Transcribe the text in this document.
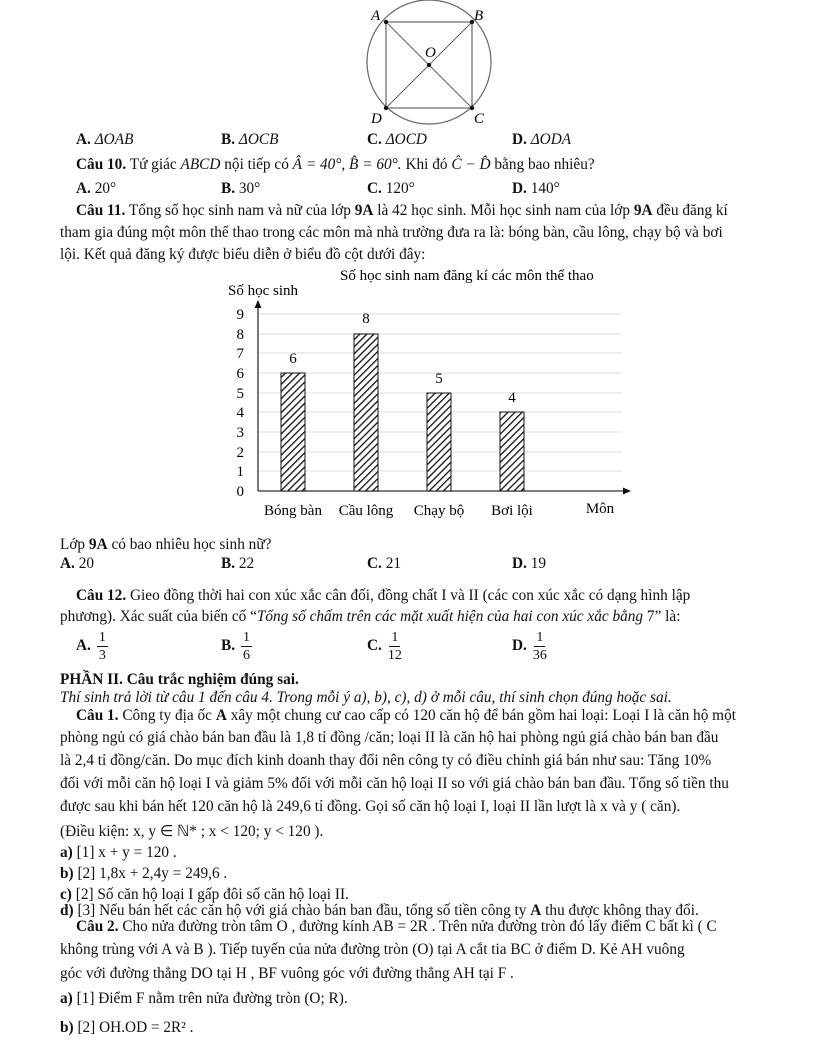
A	B
C
D
O
A. ΔOAB	B. ΔOCB	C. ΔOCD	D. ΔODA
Câu 10. Tứ giác ABCD nội tiếp có Â = 40°, B̂ = 60°. Khi đó Ĉ − D̂ bằng bao nhiêu?
A. 20°	B. 30°	C. 120°	D. 140°
Câu 11. Tổng số học sinh nam và nữ của lớp 9A là 42 học sinh. Mỗi học sinh nam của lớp 9A đều đăng kí
tham gia đúng một môn thể thao trong các môn mà nhà trường đưa ra là: bóng bàn, cầu lông, chạy bộ và bơi
lội. Kết quả đăng ký được biểu diễn ở biểu đồ cột dưới đây:
Số học sinh nam đăng kí các môn thể thao
Số học sinh
0
1
2
3
4
5
6
7
8
9
6
8
5
4
Bóng bàn Cầu lông Chạy bộ Bơi lội	Môn
Lớp 9A có bao nhiêu học sinh nữ?
A. 20	B. 22	C. 21	D. 19
Câu 12. Gieo đồng thời hai con xúc xắc cân đối, đồng chất I và II (các con xúc xắc có dạng hình lập
phương). Xác suất của biến cố “Tổng số chấm trên các mặt xuất hiện của hai con xúc xắc bằng 7” là:
A. $\frac{1}{3}$	B. $\frac{1}{6}$	C. $\frac{1}{12}$	D. $\frac{1}{36}$
PHẦN II. Câu trắc nghiệm đúng sai.
Thí sinh trả lời từ câu 1 đến câu 4. Trong mỗi ý a), b), c), d) ở mỗi câu, thí sinh chọn đúng hoặc sai.
Câu 1. Công ty địa ốc A xây một chung cư cao cấp có 120 căn hộ để bán gồm hai loại: Loại I là căn hộ một
phòng ngủ có giá chào bán ban đầu là 1,8 tỉ đồng /căn; loại II là căn hộ hai phòng ngủ giá chào bán ban đầu
là 2,4 tỉ đồng/căn. Do mục đích kinh doanh thay đổi nên công ty có điều chỉnh giá bán như sau: Tăng 10%
đối với mỗi căn hộ loại I và giảm 5% đối với mỗi căn hộ loại II so với giá chào bán ban đầu. Tổng số tiền thu
được sau khi bán hết 120 căn hộ là 249,6 tỉ đồng. Gọi số căn hộ loại I, loại II lần lượt là x và y ( căn).
(Điều kiện: x, y ∈ ℕ* ; x < 120; y < 120 ).
a) [1] x + y = 120 .
b) [2] 1,8x + 2,4y = 249,6 .
c) [2] Số căn hộ loại I gấp đôi số căn hộ loại II.
d) [3] Nếu bán hết các căn hộ với giá chào bán ban đầu, tổng số tiền công ty A thu được không thay đổi.
Câu 2. Cho nửa đường tròn tâm O , đường kính AB = 2R . Trên nửa đường tròn đó lấy điểm C bất kì ( C
không trùng với A và B ). Tiếp tuyến của nửa đường tròn (O) tại A cắt tia BC ở điểm D. Kẻ AH vuông
góc với đường thẳng DO tại H , BF vuông góc với đường thẳng AH tại F .
a) [1] Điểm F nằm trên nửa đường tròn (O; R).
b) [2] OH.OD = 2R² .
